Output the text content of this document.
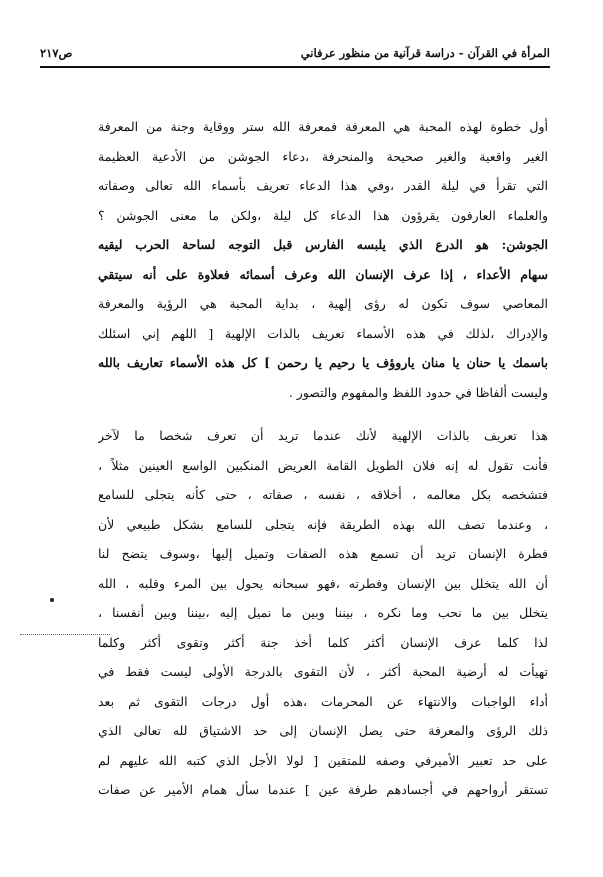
المرأة في القرآن - دراسة قرآنية من منظور عرفاني
ص٢١٧
أول خطوة لهذه المحبة هي المعرفة فمعرفة الله ستر ووقاية وجنة من المعرفة
الغير واقعية والغير صحيحة والمنحرفة ،دعاء الجوشن من الأدعية العظيمة
التي تقرأ في ليلة القدر ،وفي هذا الدعاء تعريف بأسماء الله تعالى وصفاته
والعلماء العارفون يقرؤون هذا الدعاء كل ليلة ،ولكن ما معنى الجوشن ؟
الجوشن: هو الدرع الذي يلبسه الفارس قبل التوجه لساحة الحرب ليقيه
سهام الأعداء ، إذا عرف الإنسان الله وعرف أسمائه فعلاوة على أنه سيتقي
المعاصي سوف تكون له رؤى إلهية ، بداية المحبة هي الرؤية والمعرفة
والإدراك ،لذلك في هذه الأسماء تعريف بالذات الإلهية [ اللهم إني اسئلك
باسمك يا حنان يا منان ياروؤف يا رحيم يا رحمن ] كل هذه الأسماء تعاريف بالله
وليست ألفاظا في حدود اللفظ والمفهوم والتصور .
هذا تعريف بالذات الإلهية لأنك عندما تريد أن تعرف شخصا ما لآخر
فأنت تقول له إنه فلان الطويل القامة العريض المنكبين الواسع العينين مثلاً ،
فتشخصه بكل معالمه ، أخلاقه ، نفسه ، صفاته ، حتى كأنه يتجلى للسامع
، وعندما تصف الله بهذه الطريقة فإنه يتجلى للسامع بشكل طبيعي لأن
فطرة الإنسان تريد أن تسمع هذه الصفات وتميل إليها ،وسوف يتضح لنا
أن الله يتخلل بين الإنسان وفطرته ،فهو سبحانه يحول بين المرء وقلبه ، الله
يتخلل بين ما نحب وما نكره ، بيننا وبين ما نميل إليه ،بيننا وبين أنفسنا ،
لذا كلما عرف الإنسان أكثر كلما أخذ جنة أكثر وتقوى أكثر وكلما
تهيأت له أرضية المحبة أكثر ، لأن التقوى بالدرجة الأولى ليست فقط في
أداء الواجبات والانتهاء عن المحرمات ،هذه أول درجات التقوى ثم بعد
ذلك الرؤى والمعرفة حتى يصل الإنسان إلى حد الاشتياق لله تعالى الذي
على حد تعبير الأميرفي وصفه للمتقين [ لولا الأجل الذي كتبه الله عليهم لم
تستقر أرواحهم في أجسادهم طرفة عين ] عندما سأل همام الأمير عن صفات
